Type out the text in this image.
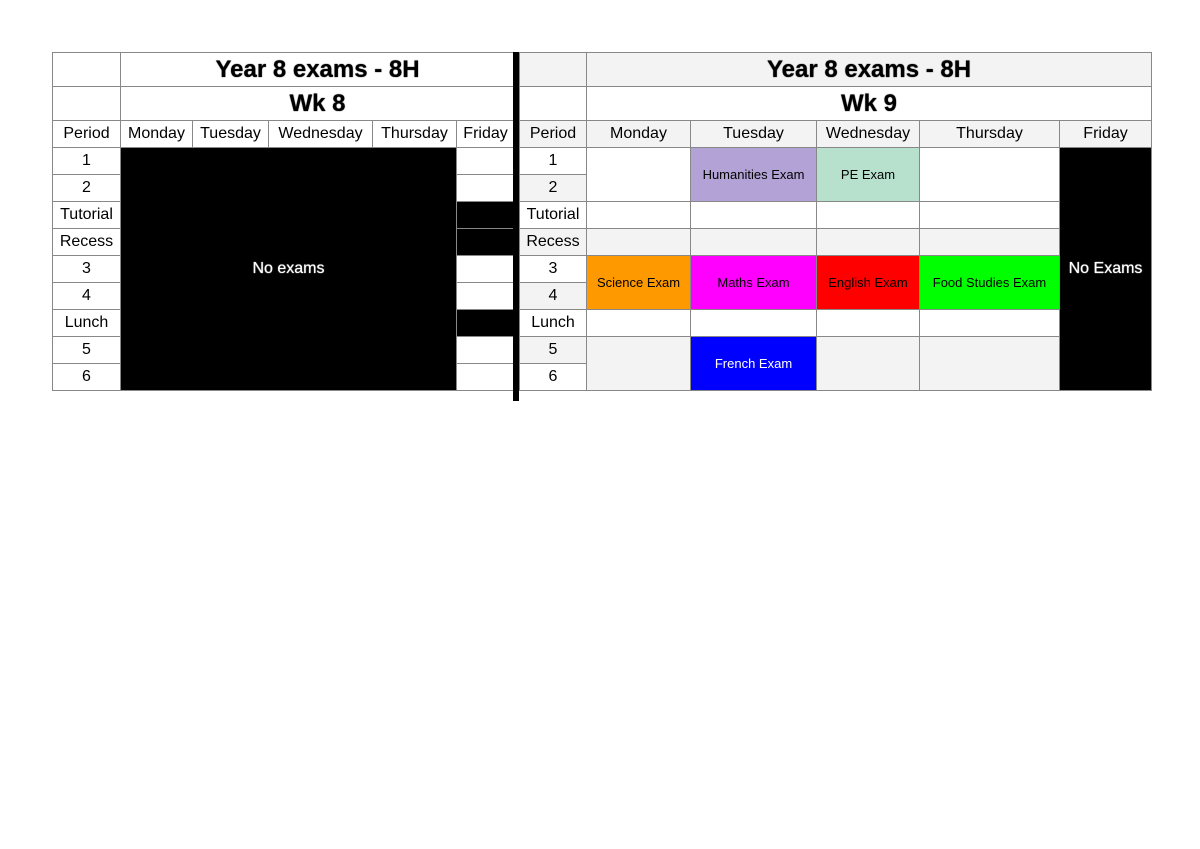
	Year 8 exams - 8H				
	Wk 8				
Period	Monday	Tuesday	Wednesday	Thursday	Friday
1	No exams				
2					
Tutorial					
Recess					
3					
4					
Lunch					
5					
6					
	Year 8 exams - 8H				
	Wk 9				
Period	Monday	Tuesday	Wednesday	Thursday	Friday
1		Humanities Exam	PE Exam		No Exams
2					
Tutorial					
Recess					
3	Science Exam	Maths Exam	English Exam	Food Studies Exam	
4					
Lunch					
5		French Exam			
6					
